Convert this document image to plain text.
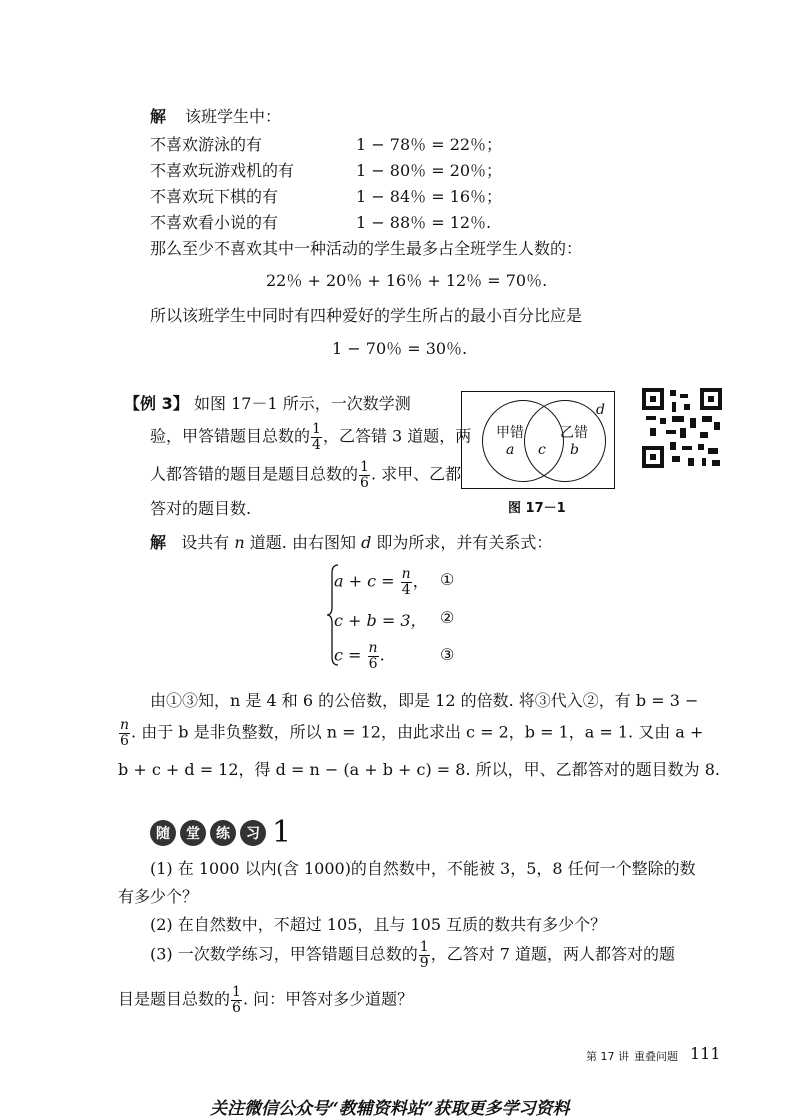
解 该班学生中：
不喜欢游泳的有	1 − 78％ = 22％；
不喜欢玩游戏机的有	1 − 80％ = 20％；
不喜欢玩下棋的有	1 − 84％ = 16％；
不喜欢看小说的有	1 − 88％ = 12％.
那么至少不喜欢其中一种活动的学生最多占全班学生人数的：
22％ + 20％ + 16％ + 12％ = 70％.
所以该班学生中同时有四种爱好的学生所占的最小百分比应是
1 − 70％ = 30％.
【例 3】 如图 17－1 所示，一次数学测
验，甲答错题目总数的 $\frac{1}{4}$ ，乙答错 3 道题，两
人都答错的题目是题目总数的 $\frac{1}{6}$ . 求甲、乙都
答对的题目数.
甲错
a c
乙错
b
d
图 17－1
解 设共有 n 道题. 由右图知 d 即为所求，并有关系式：
$a + c = \frac{n}{4}$ ， ①
c + b = 3， ②
$c = \frac{n}{6}$ .	③
由①③知，n 是 4 和 6 的公倍数，即是 12 的倍数. 将③代入②，有 b = 3 −
$\frac{n}{6}$ . 由于 b 是非负整数，所以 n = 12，由此求出 c = 2，b = 1，a = 1. 又由 a +
b + c + d = 12，得 d = n − (a + b + c) = 8. 所以，甲、乙都答对的题目数为 8.
随	堂	练	习 1
(1) 在 1000 以内(含 1000)的自然数中，不能被 3，5，8 任何一个整除的数
有多少个？
(2) 在自然数中，不超过 105，且与 105 互质的数共有多少个？
(3) 一次数学练习，甲答错题目总数的 $\frac{1}{9}$ ，乙答对 7 道题，两人都答对的题
目是题目总数的 $\frac{1}{6}$ . 问：甲答对多少道题？
第 17 讲 重叠问题 111
关注微信公众号“教辅资料站”获取更多学习资料
